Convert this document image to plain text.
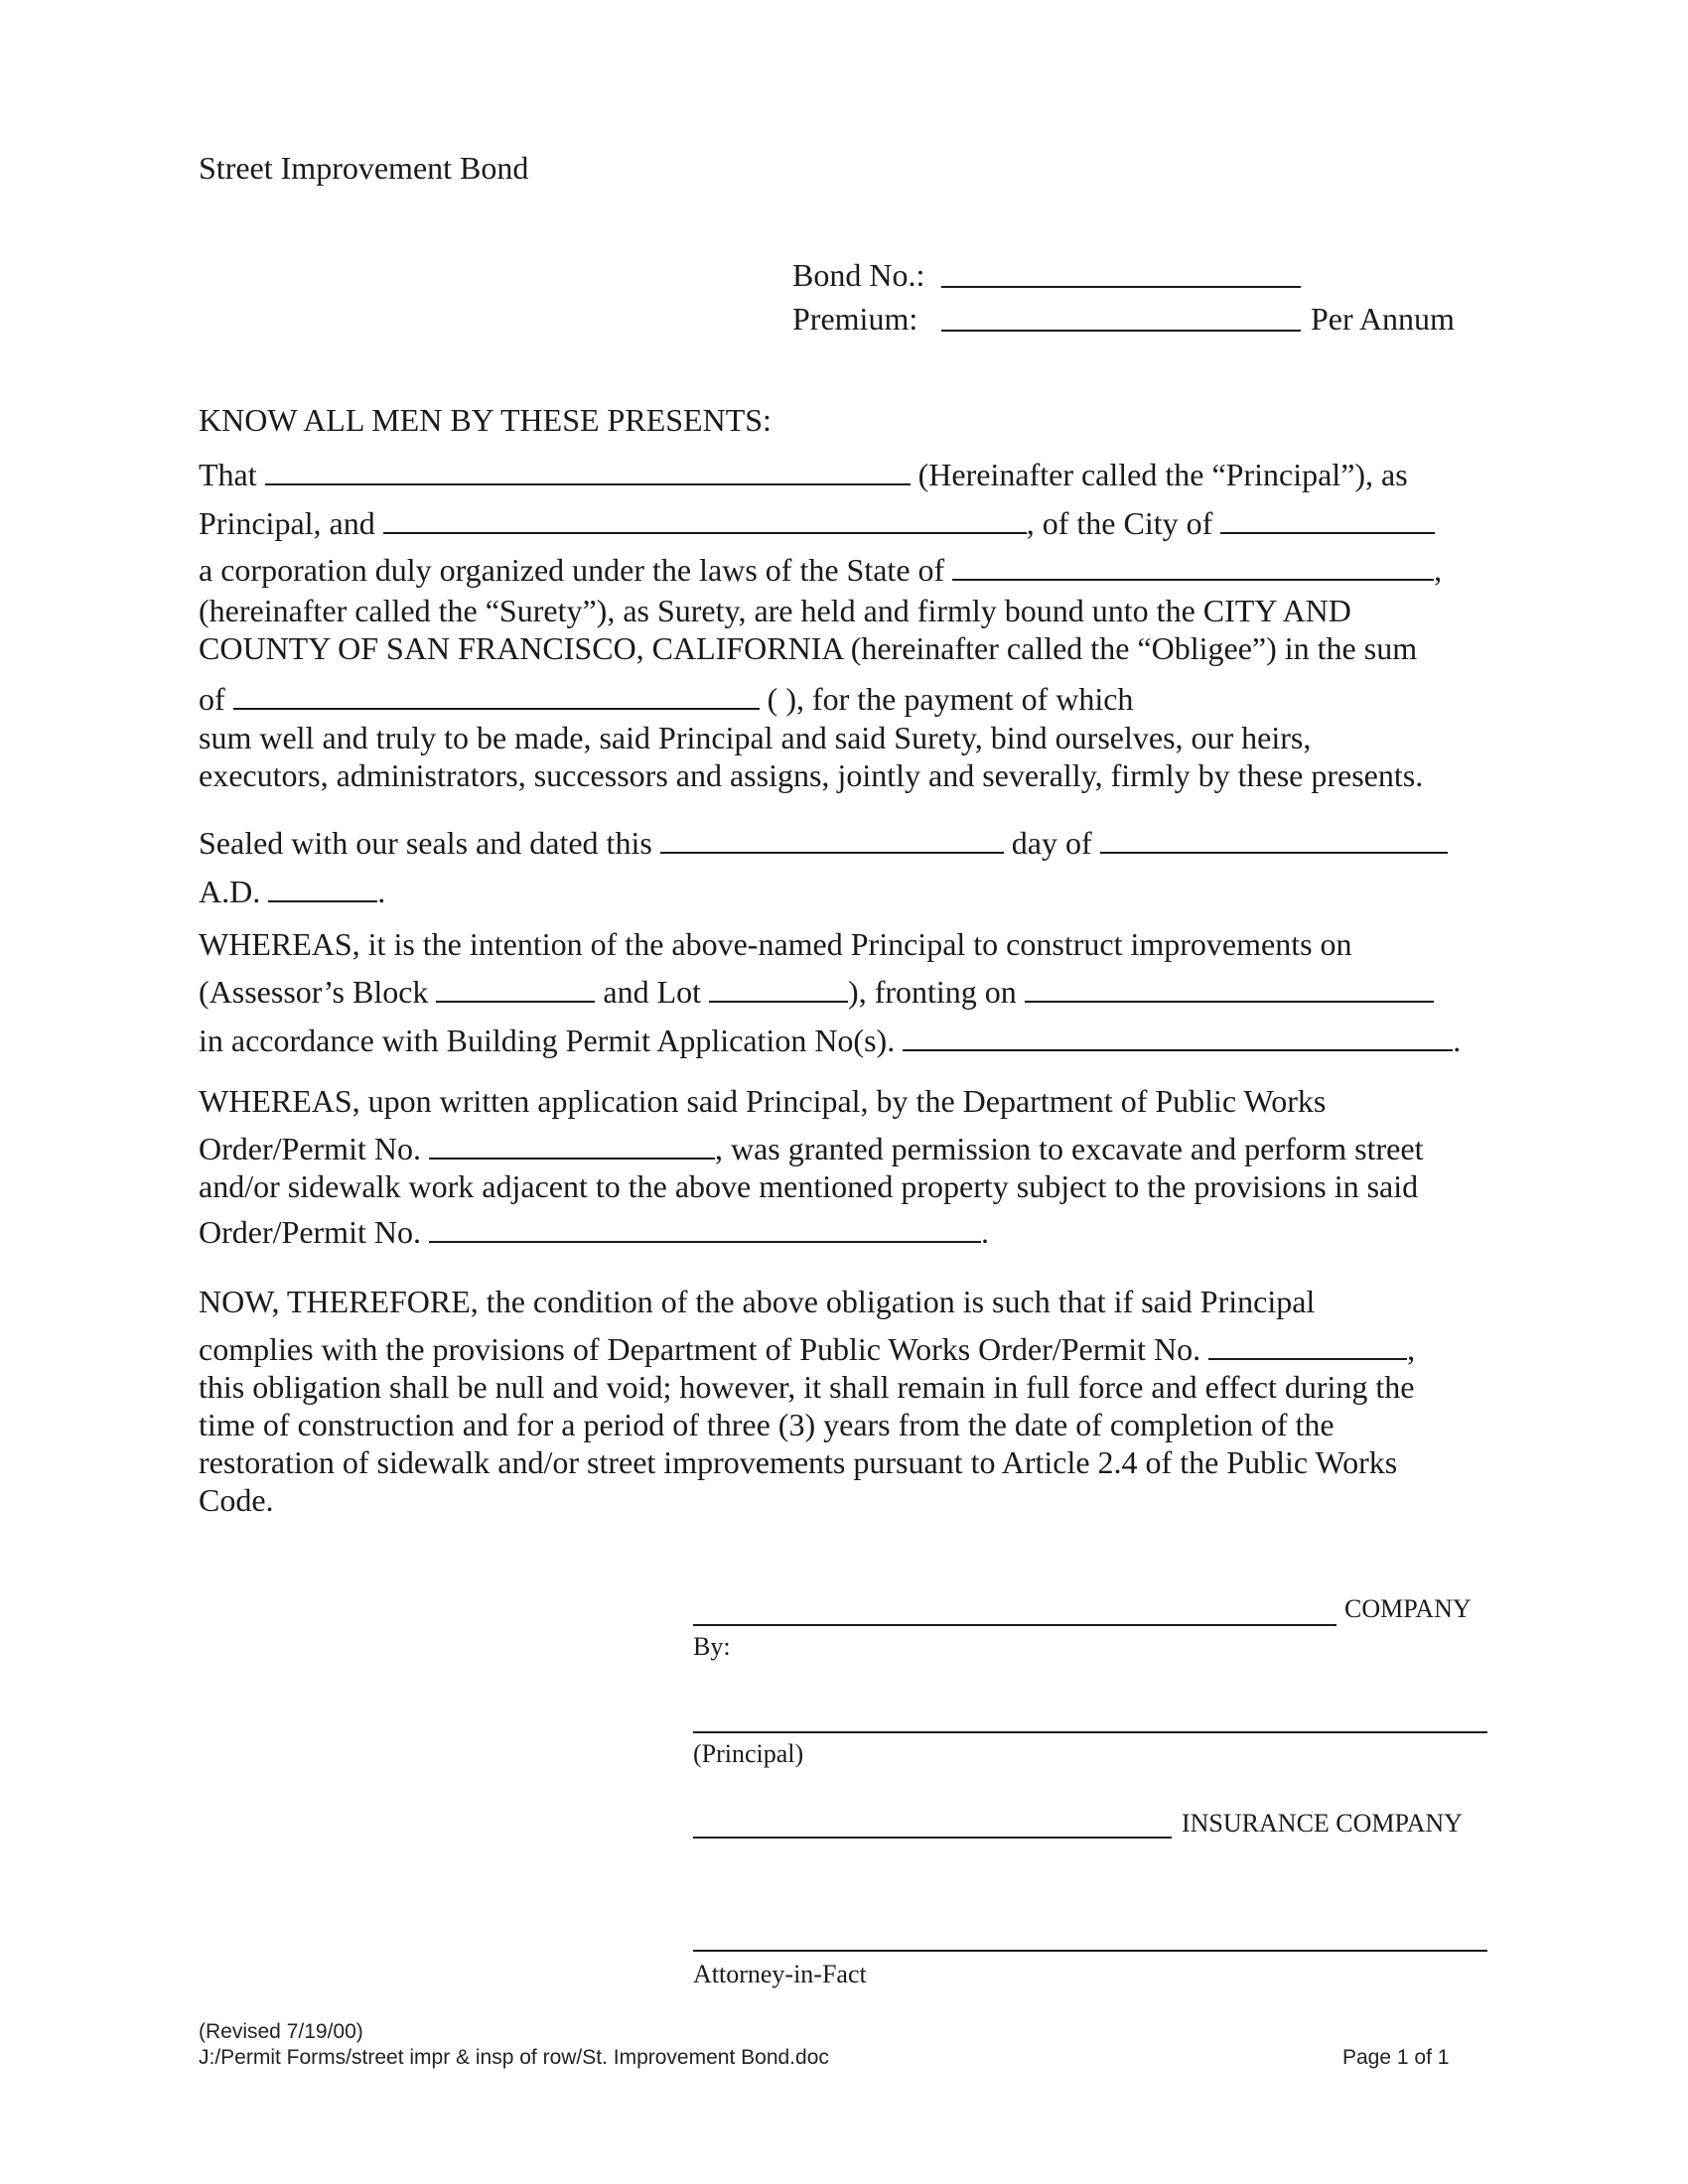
Street Improvement Bond
Bond No.:
Premium:	Per Annum
KNOW ALL MEN BY THESE PRESENTS:
That	(Hereinafter called the “Principal”), as
Principal, and	, of the City of
a corporation duly organized under the laws of the State of	,
(hereinafter called the “Surety”), as Surety, are held and firmly bound unto the CITY AND
COUNTY OF SAN FRANCISCO, CALIFORNIA (hereinafter called the “Obligee”) in the sum
of	( ), for the payment of which
sum well and truly to be made, said Principal and said Surety, bind ourselves, our heirs,
executors, administrators, successors and assigns, jointly and severally, firmly by these presents.
Sealed with our seals and dated this	day of
A.D.	.
WHEREAS, it is the intention of the above-named Principal to construct improvements on
(Assessor’s Block	and Lot	), fronting on
in accordance with Building Permit Application No(s).	.
WHEREAS, upon written application said Principal, by the Department of Public Works
Order/Permit No.	, was granted permission to excavate and perform street
and/or sidewalk work adjacent to the above mentioned property subject to the provisions in said
Order/Permit No.	.
NOW, THEREFORE, the condition of the above obligation is such that if said Principal
complies with the provisions of Department of Public Works Order/Permit No.	,
this obligation shall be null and void; however, it shall remain in full force and effect during the
time of construction and for a period of three (3) years from the date of completion of the
restoration of sidewalk and/or street improvements pursuant to Article 2.4 of the Public Works
Code.
COMPANY
By:
(Principal)
INSURANCE COMPANY
Attorney-in-Fact
(Revised 7/19/00)
J:/Permit Forms/street impr & insp of row/St. Improvement Bond.doc	Page 1 of 1
